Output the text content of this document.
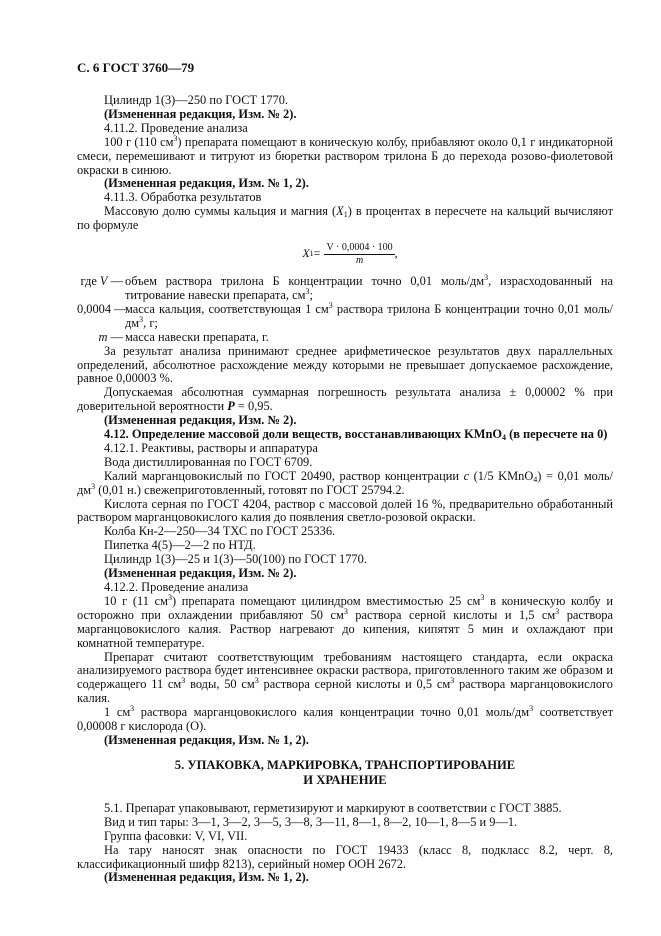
С. 6 ГОСТ 3760—79

Цилиндр 1(3)—250 по ГОСТ 1770.

(Измененная редакция, Изм. № 2).

4.11.2. Проведение анализа

100 г (110 $см^3$) препарата помещают в коническую колбу, прибавляют около 0,1 г индикаторной смеси, перемешивают и титруют из бюретки раствором трилона Б до перехода розово-фиолетовой окраски в синюю.

(Измененная редакция, Изм. № 1, 2).

4.11.3. Обработка результатов

Массовую долю суммы кальция и магния $(X_1)$ в процентах в пересчете на кальций вычисляют по формуле

X $1 = \frac{V \cdot 0,0004 \cdot 100}{m}$ ,
где V — объем раствора трилона Б концентрации точно 0,01 моль/$дм^3$, израсходованный на титрование навески препарата, $см^3$;
0,0004 —
масса кальция, соответствующая 1 $см^3$ раствора трилона Б концентрации точно 0,01 моль/$дм^3$, г;
m — масса навески препарата, г.

За результат анализа принимают среднее арифметическое результатов двух параллельных определений, абсолютное расхождение между которыми не превышает допускаемое расхождение, равное 0,00003 %.

Допускаемая абсолютная суммарная погрешность результата анализа ± 0,00002 % при доверительной вероятности P = 0,95.

(Измененная редакция, Изм. № 2).

4.12. Определение массовой доли веществ, восстанавливающих KMnO$_4$ (в пересчете на 0)

4.12.1. Реактивы, растворы и аппаратура

Вода дистиллированная по ГОСТ 6709.

Калий марганцовокислый по ГОСТ 20490, раствор концентрации c (1/5 KMnO$_4$) = 0,01 моль/$дм^3$ (0,01 н.) свежеприготовленный, готовят по ГОСТ 25794.2.

Кислота серная по ГОСТ 4204, раствор с массовой долей 16 %, предварительно обработанный раствором марганцовокислого калия до появления светло-розовой окраски.

Колба Кн-2—250—34 ТХС по ГОСТ 25336.

Пипетка 4(5)—2—2 по НТД.

Цилиндр 1(3)—25 и 1(3)—50(100) по ГОСТ 1770.

(Измененная редакция, Изм. № 2).

4.12.2. Проведение анализа

10 г (11 $см^3$) препарата помещают цилиндром вместимостью 25 $см^3$ в коническую колбу и осторожно при охлаждении прибавляют 50 $см^3$ раствора серной кислоты и 1,5 $см^3$ раствора марганцовокислого калия. Раствор нагревают до кипения, кипятят 5 мин и охлаждают при комнатной температуре.

Препарат считают соответствующим требованиям настоящего стандарта, если окраска анализируемого раствора будет интенсивнее окраски раствора, приготовленного таким же образом и содержащего 11 $см^3$ воды, 50 $см^3$ раствора серной кислоты и 0,5 $см^3$ раствора марганцовокислого калия.

1 $см^3$ раствора марганцовокислого калия концентрации точно 0,01 моль/$дм^3$ соответствует 0,00008 г кислорода (О).

(Измененная редакция, Изм. № 1, 2).

5. УПАКОВКА, МАРКИРОВКА, ТРАНСПОРТИРОВАНИЕ
И ХРАНЕНИЕ

5.1. Препарат упаковывают, герметизируют и маркируют в соответствии с ГОСТ 3885.

Вид и тип тары: 3—1, 3—2, 3—5, 3—8, 3—11, 8—1, 8—2, 10—1, 8—5 и 9—1.

Группа фасовки: V, VI, VII.

На тару наносят знак опасности по ГОСТ 19433 (класс 8, подкласс 8.2, черт. 8, классификационный шифр 8213), серийный номер ООН 2672.

(Измененная редакция, Изм. № 1, 2).
